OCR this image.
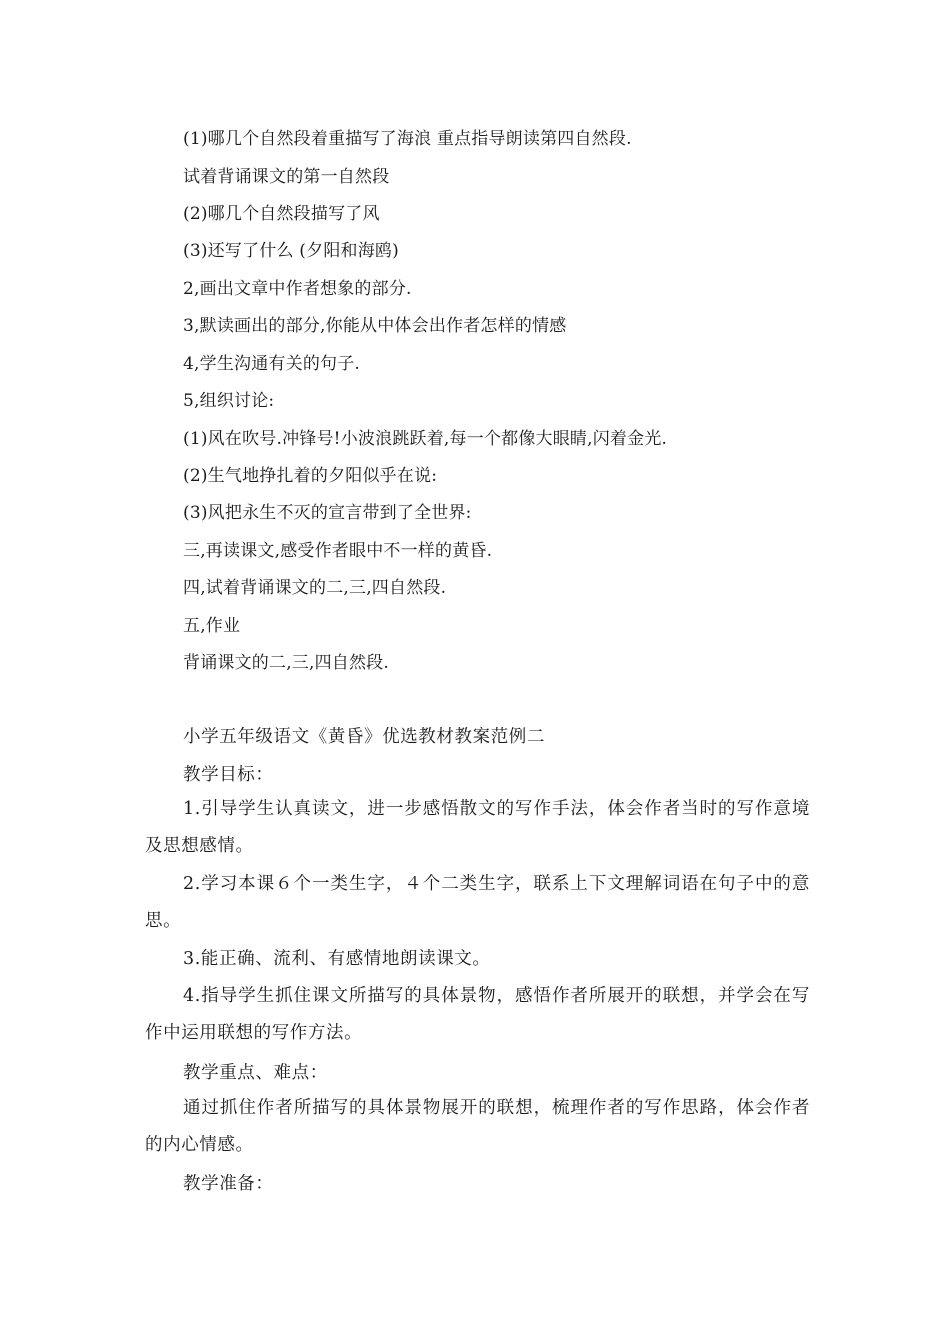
(1)哪几个自然段着重描写了海浪 重点指导朗读第四自然段.
试着背诵课文的第一自然段
(2)哪几个自然段描写了风
(3)还写了什么 (夕阳和海鸥)
2,画出文章中作者想象的部分.
3,默读画出的部分,你能从中体会出作者怎样的情感
4,学生沟通有关的句子.
5,组织讨论:
(1)风在吹号.冲锋号!小波浪跳跃着,每一个都像大眼睛,闪着金光.
(2)生气地挣扎着的夕阳似乎在说:
(3)风把永生不灭的宣言带到了全世界:
三,再读课文,感受作者眼中不一样的黄昏.
四,试着背诵课文的二,三,四自然段.
五,作业
背诵课文的二,三,四自然段.
小学五年级语文《黄昏》优选教材教案范例二
教学目标：
1.引导学生认真读文，进一步感悟散文的写作手法，体会作者当时的写作意境及思想感情。
2.学习本课６个一类生字，４个二类生字，联系上下文理解词语在句子中的意思。
3.能正确、流利、有感情地朗读课文。
4.指导学生抓住课文所描写的具体景物，感悟作者所展开的联想，并学会在写作中运用联想的写作方法。
教学重点、难点：
通过抓住作者所描写的具体景物展开的联想，梳理作者的写作思路，体会作者的内心情感。
教学准备：
